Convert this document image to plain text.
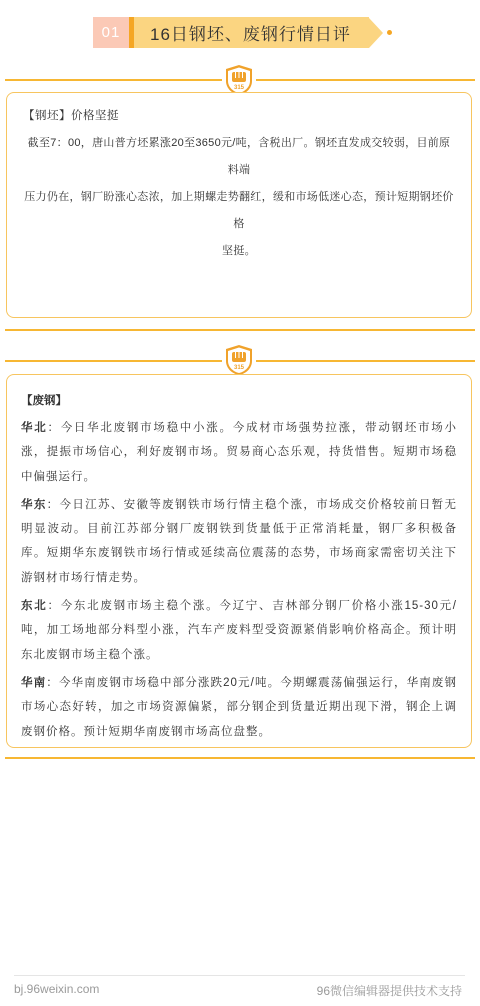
01	16日钢坯、废钢行情日评
315
【钢坯】价格坚挺
截至7：00，唐山普方坯累涨20至3650元/吨，含税出厂。钢坯直发成交较弱，目前原料端
压力仍在，钢厂盼涨心态浓，加上期螺走势翻红，缓和市场低迷心态，预计短期钢坯价格
坚挺。
315
【废钢】

华北：今日华北废钢市场稳中小涨。今成材市场强势拉涨，带动钢坯市场小涨，提振市场信心，利好废钢市场。贸易商心态乐观，持货惜售。短期市场稳中偏强运行。

华东：今日江苏、安徽等废钢铁市场行情主稳个涨，市场成交价格较前日暂无明显波动。目前江苏部分钢厂废钢铁到货量低于正常消耗量，钢厂多积极备库。短期华东废钢铁市场行情或延续高位震荡的态势，市场商家需密切关注下游钢材市场行情走势。

东北：今东北废钢市场主稳个涨。今辽宁、吉林部分钢厂价格小涨15-30元/吨，加工场地部分料型小涨，汽车产废料型受资源紧俏影响价格高企。预计明东北废钢市场主稳个涨。

华南：今华南废钢市场稳中部分涨跌20元/吨。今期螺震荡偏强运行，华南废钢市场心态好转，加之市场资源偏紧，部分钢企到货量近期出现下滑，钢企上调废钢价格。预计短期华南废钢市场高位盘整。

bj.96weixin.com	96微信编辑器提供技术支持
